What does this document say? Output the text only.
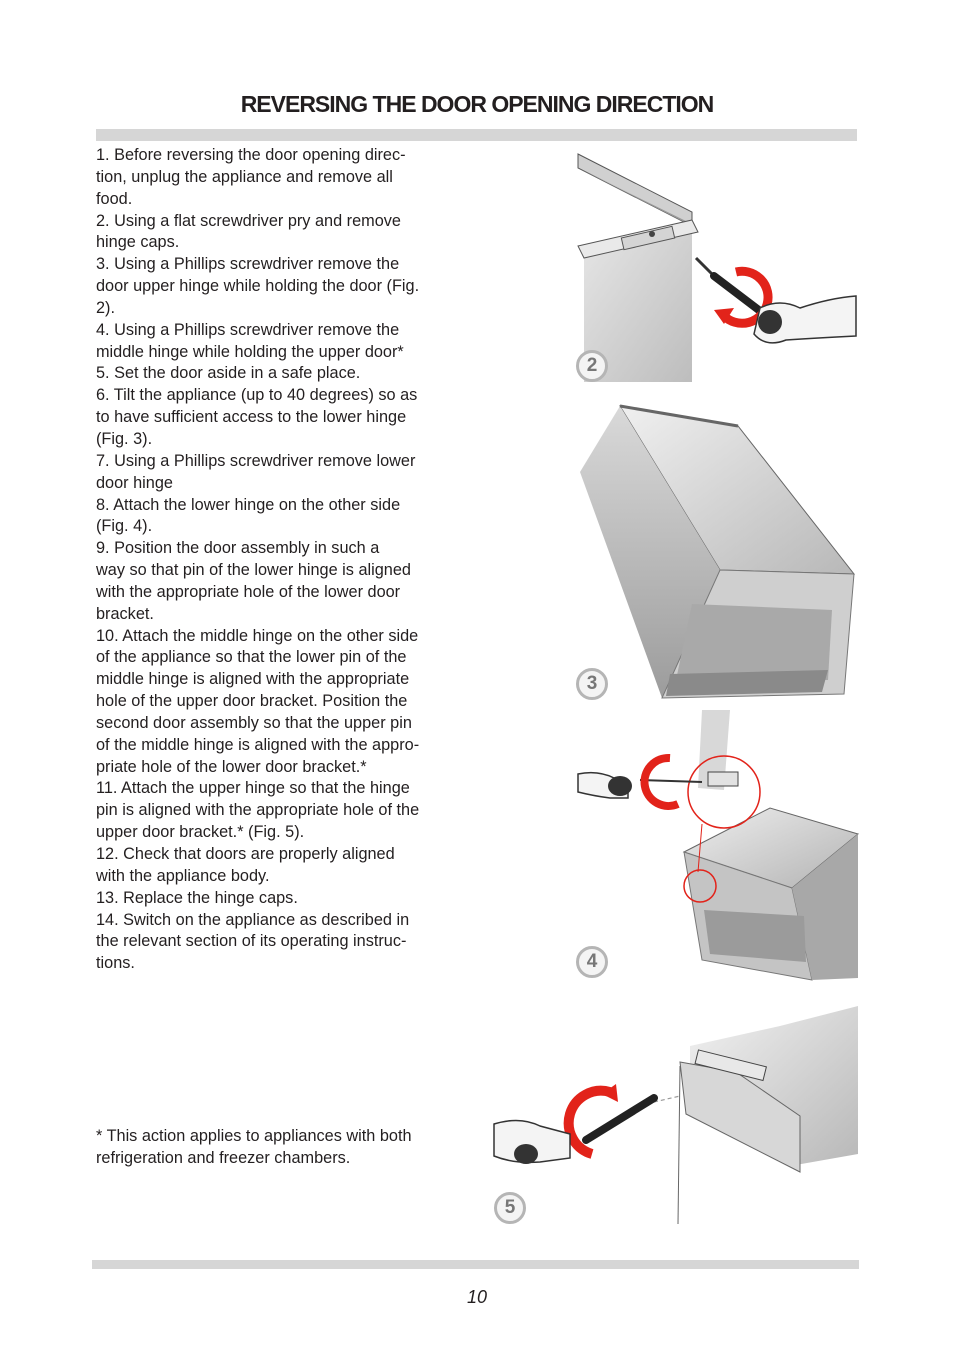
REVERSING THE DOOR OPENING DIRECTION

1. Before reversing the door opening direc-

tion, unplug the appliance and remove all

food.

2. Using a flat screwdriver pry and remove

hinge caps.

3. Using a Phillips screwdriver remove the

door upper hinge while holding the door (Fig.

2).

4. Using a Phillips screwdriver remove the

middle hinge while holding the upper door*

5. Set the door aside in a safe place.

6. Tilt the appliance (up to 40 degrees) so as

to have sufficient access to the lower hinge

(Fig. 3).

7. Using a Phillips screwdriver remove lower

door hinge

8. Attach the lower hinge on the other side

(Fig. 4).

9. Position the door assembly in such a

way so that pin of the lower hinge is aligned

with the appropriate hole of the lower door

bracket.

10. Attach the middle hinge on the other side

of the appliance so that the lower pin of the

middle hinge is aligned with the appropriate

hole of the upper door bracket. Position the

second door assembly so that the upper pin

of the middle hinge is aligned with the appro-

priate hole of the lower door bracket.*

11. Attach the upper hinge so that the hinge

pin is aligned with the appropriate hole of the

upper door bracket.* (Fig. 5).

12. Check that doors are properly aligned

with the appliance body.

13. Replace the hinge caps.

14. Switch on the appliance as described in

the relevant section of its operating instruc-

tions.

* This action applies to appliances with both

refrigeration and freezer chambers.

2
3
4
5
10
